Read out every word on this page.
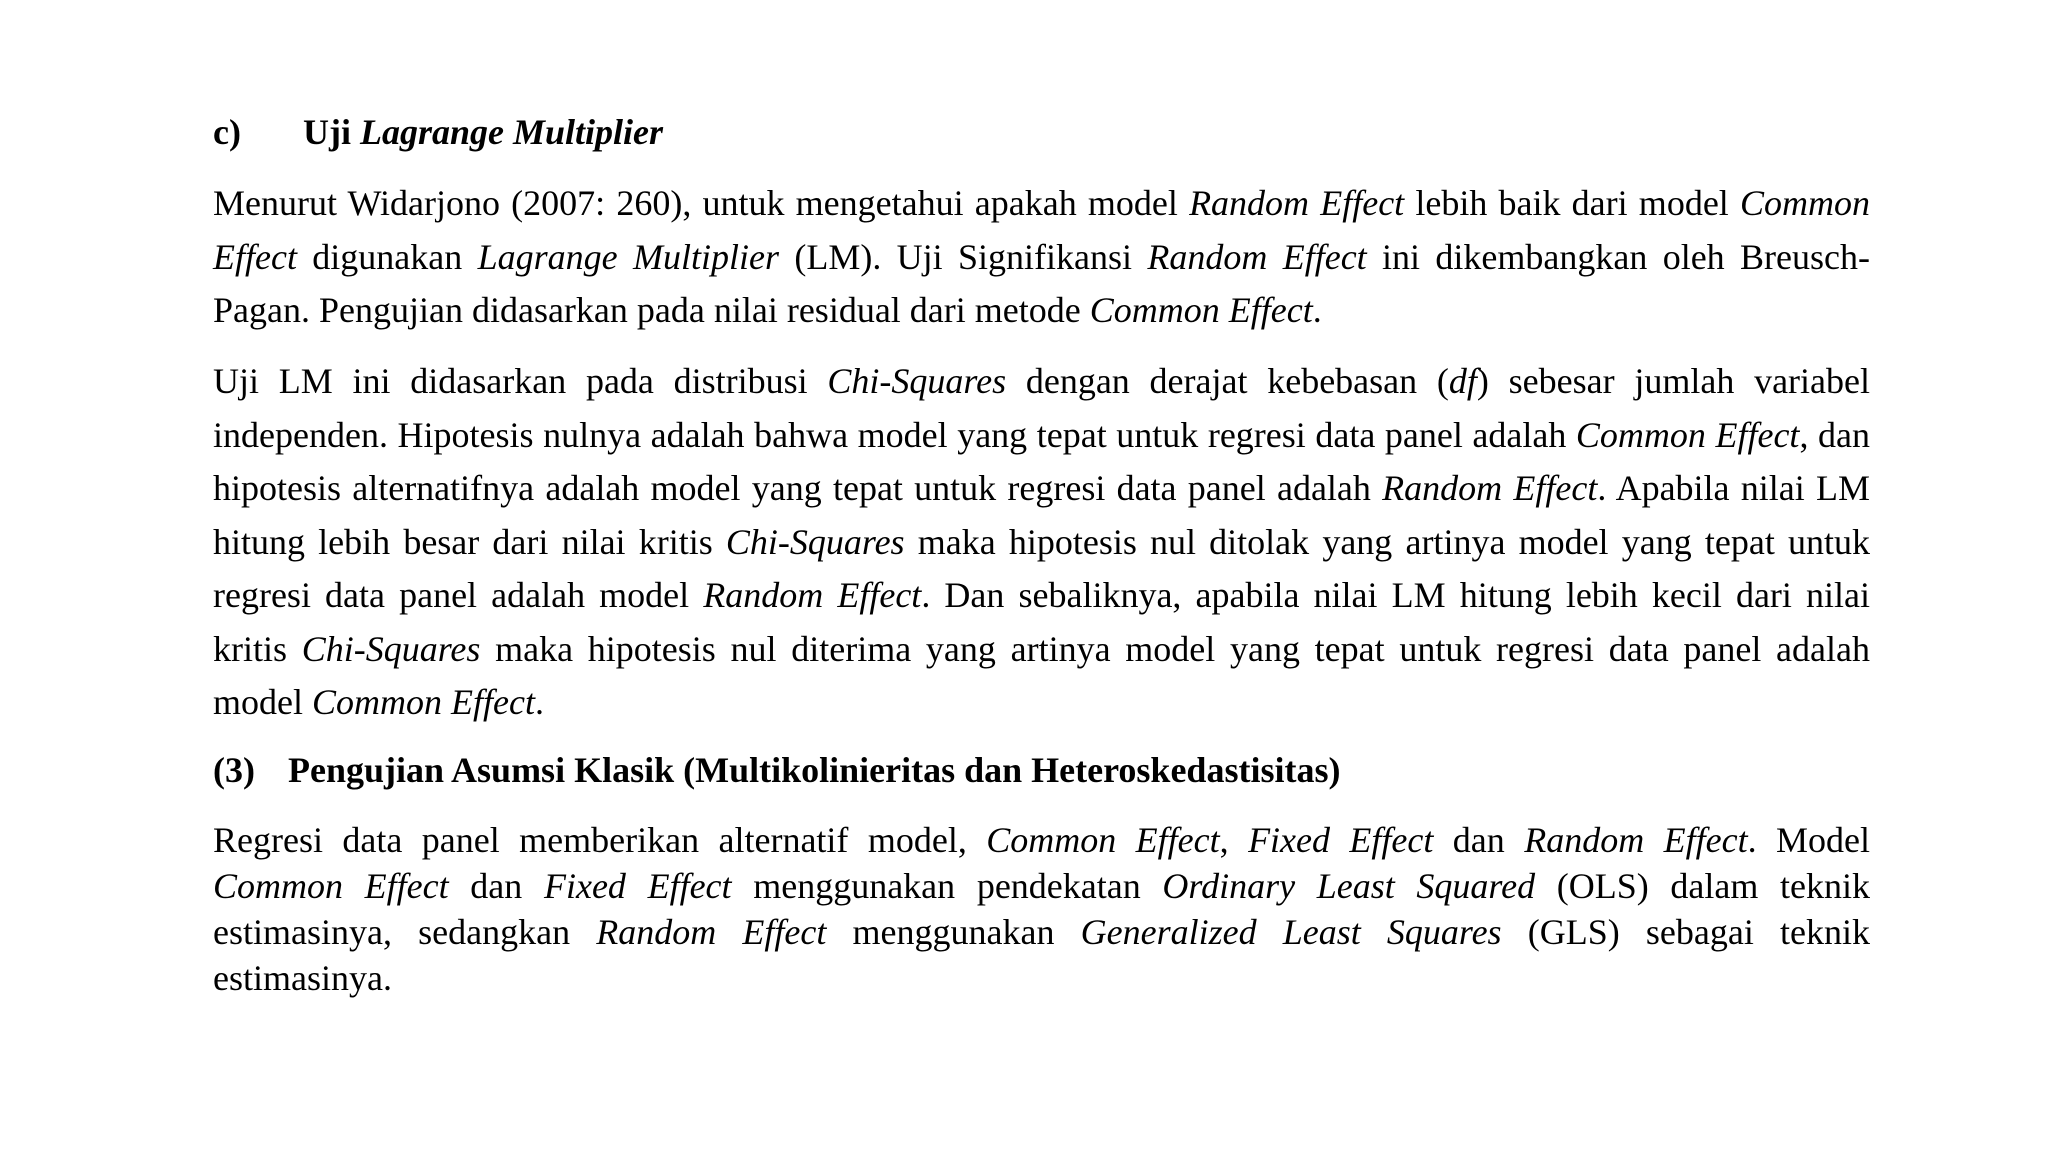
c) Uji Lagrange Multiplier

Menurut Widarjono (2007: 260), untuk mengetahui apakah model Random Effect lebih baik dari model Common Effect digunakan Lagrange Multiplier (LM). Uji Signifikansi Random Effect ini dikembangkan oleh Breusch-Pagan. Pengujian didasarkan pada nilai residual dari metode Common Effect.

Uji LM ini didasarkan pada distribusi Chi-Squares dengan derajat kebebasan (df) sebesar jumlah variabel independen. Hipotesis nulnya adalah bahwa model yang tepat untuk regresi data panel adalah Common Effect, dan hipotesis alternatifnya adalah model yang tepat untuk regresi data panel adalah Random Effect. Apabila nilai LM hitung lebih besar dari nilai kritis Chi-Squares maka hipotesis nul ditolak yang artinya model yang tepat untuk regresi data panel adalah model Random Effect. Dan sebaliknya, apabila nilai LM hitung lebih kecil dari nilai kritis Chi-Squares maka hipotesis nul diterima yang artinya model yang tepat untuk regresi data panel adalah model Common Effect.

(3) Pengujian Asumsi Klasik (Multikolinieritas dan Heteroskedastisitas)

Regresi data panel memberikan alternatif model, Common Effect, Fixed Effect dan Random Effect. Model Common Effect dan Fixed Effect menggunakan pendekatan Ordinary Least Squared (OLS) dalam teknik estimasinya, sedangkan Random Effect menggunakan Generalized Least Squares (GLS) sebagai teknik estimasinya.
